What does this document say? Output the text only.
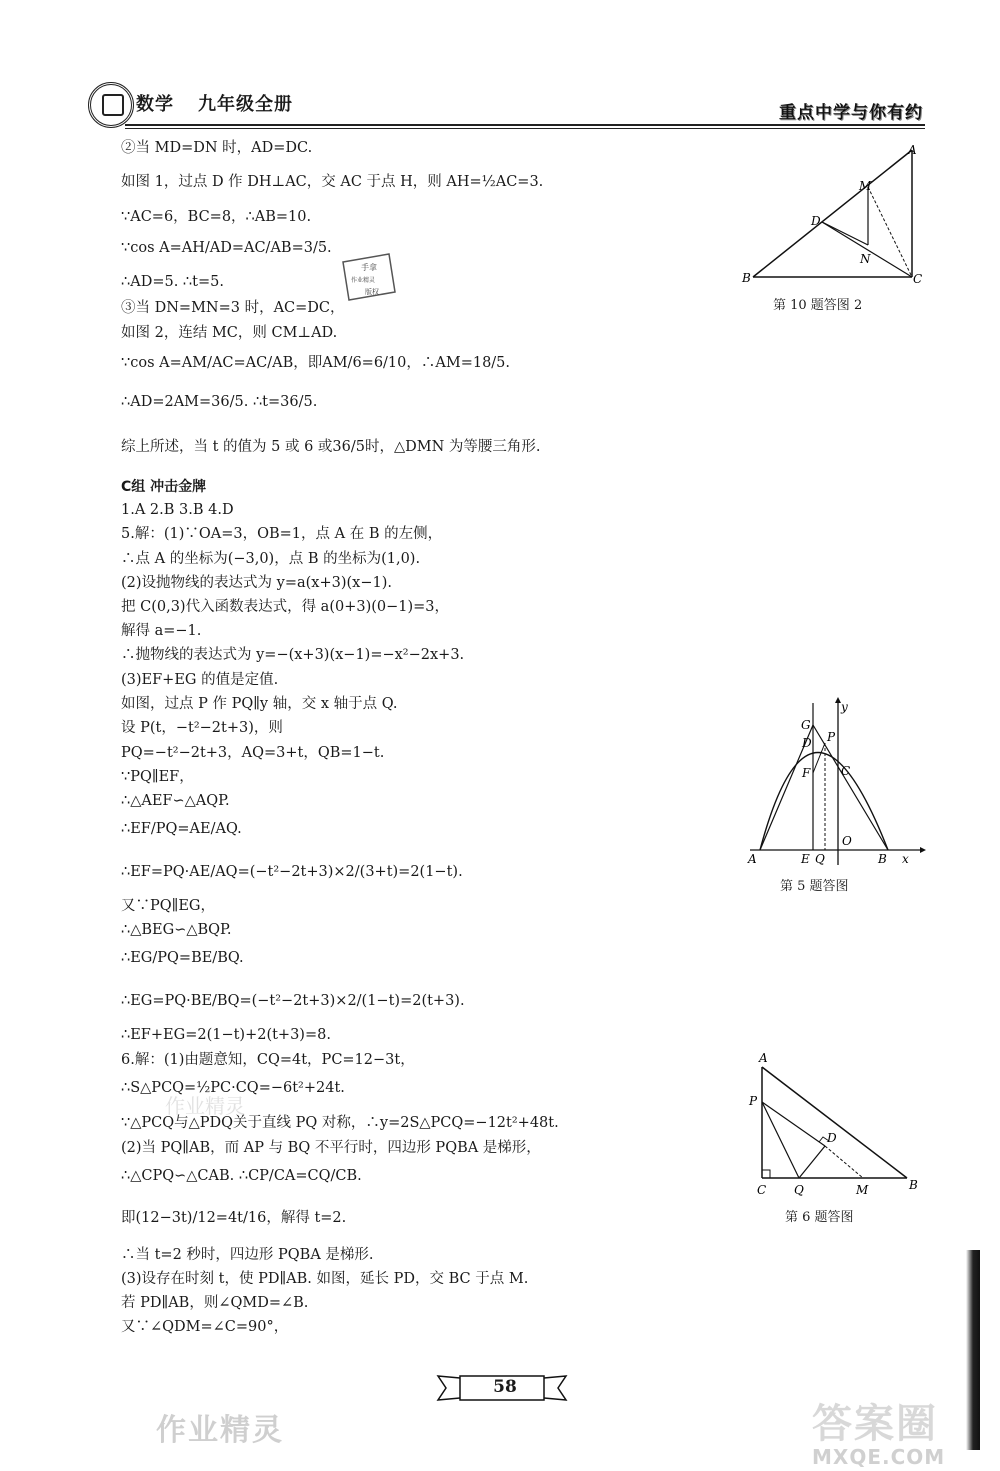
数学 九年级全册	重点中学与你有约
②当 MD=DN 时，AD=DC.
如图 1，过点 D 作 DH⊥AC，交 AC 于点 H，则 AH=½AC=3.
∵AC=6，BC=8，∴AB=10.
∵cos A=AH/AD=AC/AB=3/5.
∴AD=5. ∴t=5.
③当 DN=MN=3 时，AC=DC，
如图 2，连结 MC，则 CM⊥AD.
∵cos A=AM/AC=AC/AB，即AM/6=6/10，∴AM=18/5.
∴AD=2AM=36/5. ∴t=36/5.
综上所述，当 t 的值为 5 或 6 或36/5时，△DMN 为等腰三角形.
C组 冲击金牌
1.A 2.B 3.B 4.D
5.解：(1)∵OA=3，OB=1，点 A 在 B 的左侧，
∴点 A 的坐标为(−3,0)，点 B 的坐标为(1,0).
(2)设抛物线的表达式为 y=a(x+3)(x−1).
把 C(0,3)代入函数表达式，得 a(0+3)(0−1)=3，
解得 a=−1.
∴抛物线的表达式为 y=−(x+3)(x−1)=−x²−2x+3.
(3)EF+EG 的值是定值.
如图，过点 P 作 PQ∥y 轴，交 x 轴于点 Q.
设 P(t，−t²−2t+3)，则
PQ=−t²−2t+3，AQ=3+t，QB=1−t.
∵PQ∥EF，
∴△AEF∽△AQP.
∴EF/PQ=AE/AQ.
∴EF=PQ·AE/AQ=(−t²−2t+3)×2/(3+t)=2(1−t).
又∵PQ∥EG，
∴△BEG∽△BQP.
∴EG/PQ=BE/BQ.
∴EG=PQ·BE/BQ=(−t²−2t+3)×2/(1−t)=2(t+3).
∴EF+EG=2(1−t)+2(t+3)=8.
6.解：(1)由题意知，CQ=4t，PC=12−3t，
∴S△PCQ=½PC·CQ=−6t²+24t.
∵△PCQ与△PDQ关于直线 PQ 对称，∴y=2S△PCQ=−12t²+48t.
(2)当 PQ∥AB，而 AP 与 BQ 不平行时，四边形 PQBA 是梯形，
∴△CPQ∽△CAB. ∴CP/CA=CQ/CB.
即(12−3t)/12=4t/16，解得 t=2.
∴当 t=2 秒时，四边形 PQBA 是梯形.
(3)设存在时刻 t，使 PD∥AB. 如图，延长 PD，交 BC 于点 M.
若 PD∥AB，则∠QMD=∠B.
又∵∠QDM=∠C=90°，
手拿
作业精灵
版权
A
M
D
N
B	C
第 10 题答图 2
y
G
D P
F	C
O
A	E Q	B x
第 5 题答图
A
P
D
C Q	M	B
第 6 题答图
58
作业精灵
作业精灵	答案圈
MXQE.COM
